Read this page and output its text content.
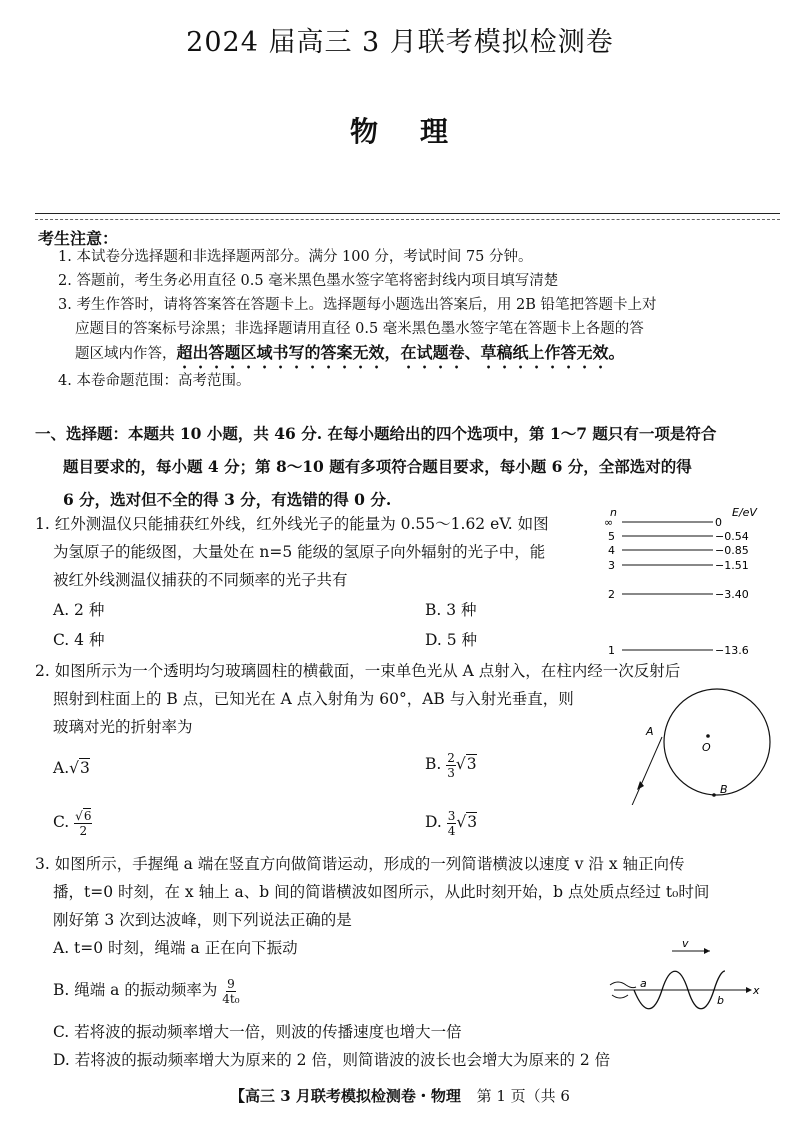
2024 届高三 3 月联考模拟检测卷
物理
考生注意：
1. 本试卷分选择题和非选择题两部分。满分 100 分，考试时间 75 分钟。
2. 答题前，考生务必用直径 0.5 毫米黑色墨水签字笔将密封线内项目填写清楚
3. 考生作答时，请将答案答在答题卡上。选择题每小题选出答案后，用 2B 铅笔把答题卡上对
应题目的答案标号涂黑；非选择题请用直径 0.5 毫米黑色墨水签字笔在答题卡上各题的答
题区域内作答，超出答题区域书写的答案无效，在试题卷、草稿纸上作答无效。
4. 本卷命题范围：高考范围。
一、选择题：本题共 10 小题，共 46 分. 在每小题给出的四个选项中，第 1～7 题只有一项是符合
题目要求的，每小题 4 分；第 8～10 题有多项符合题目要求，每小题 6 分，全部选对的得
6 分，选对但不全的得 3 分，有选错的得 0 分.
1. 红外测温仪只能捕获红外线，红外线光子的能量为 0.55～1.62 eV. 如图
为氢原子的能级图，大量处在 n=5 能级的氢原子向外辐射的光子中，能
被红外线测温仪捕获的不同频率的光子共有
A. 2 种	B. 3 种
C. 4 种	D. 5 种
n	E/eV
∞	0
5	−0.54
4	−0.85
3	−1.51
2	−3.40
1	−13.6
2. 如图所示为一个透明均匀玻璃圆柱的横截面，一束单色光从 A 点射入，在柱内经一次反射后
照射到柱面上的 B 点，已知光在 A 点入射角为 60°，AB 与入射光垂直，则
玻璃对光的折射率为
A.√3	B. $\frac{2}{3} √3$
C. $\frac{√6}{2}$	D. $\frac{3}{4} √3$
O
A
B
3. 如图所示，手握绳 a 端在竖直方向做简谐运动，形成的一列简谐横波以速度 v 沿 x 轴正向传
播，t=0 时刻，在 x 轴上 a、b 间的简谐横波如图所示，从此时刻开始，b 点处质点经过 t₀时间
刚好第 3 次到达波峰，则下列说法正确的是
A. t=0 时刻，绳端 a 正在向下振动
B. 绳端 a 的振动频率为 $\frac{9}{\text{4t₀}}$
C. 若将波的振动频率增大一倍，则波的传播速度也增大一倍
D. 若将波的振动频率增大为原来的 2 倍，则简谐波的波长也会增大为原来的 2 倍
v
x
a
b
【高三 3 月联考模拟检测卷・物理 第 1 页（共 6
